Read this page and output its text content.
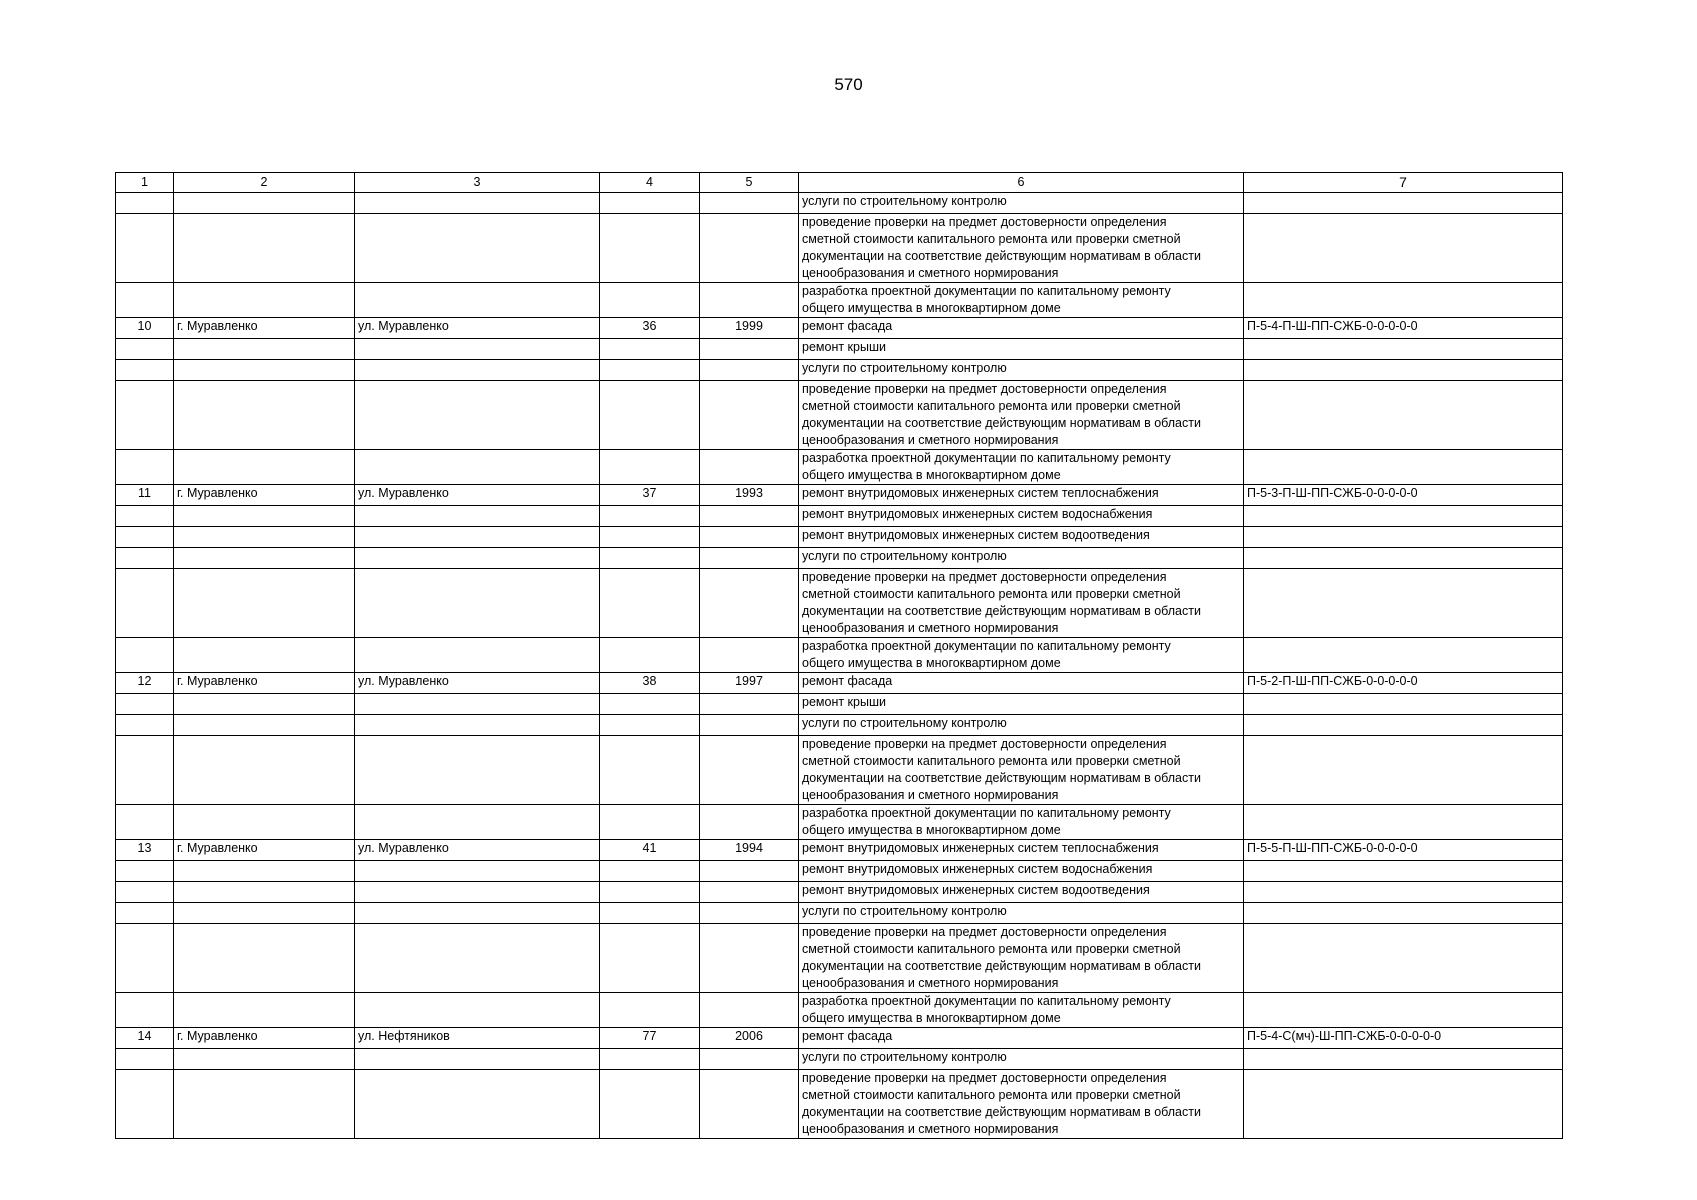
570
1	2	3	4	5	6	7

					услуги по строительному контролю	

					проведение проверки на предмет достоверности определения
сметной стоимости капитального ремонта или проверки сметной
документации на соответствие действующим нормативам в области
ценообразования и сметного нормирования	

					разработка проектной документации по капитальному ремонту
общего имущества в многоквартирном доме	

10	г. Муравленко	ул. Муравленко	36	1999	ремонт фасада	П-5-4-П-Ш-ПП-СЖБ-0-0-0-0-0

					ремонт крыши	

					услуги по строительному контролю	

					проведение проверки на предмет достоверности определения
сметной стоимости капитального ремонта или проверки сметной
документации на соответствие действующим нормативам в области
ценообразования и сметного нормирования	

					разработка проектной документации по капитальному ремонту
общего имущества в многоквартирном доме	

11	г. Муравленко	ул. Муравленко	37	1993	ремонт внутридомовых инженерных систем теплоснабжения	П-5-3-П-Ш-ПП-СЖБ-0-0-0-0-0

					ремонт внутридомовых инженерных систем водоснабжения	

					ремонт внутридомовых инженерных систем водоотведения	

					услуги по строительному контролю	

					проведение проверки на предмет достоверности определения
сметной стоимости капитального ремонта или проверки сметной
документации на соответствие действующим нормативам в области
ценообразования и сметного нормирования	

					разработка проектной документации по капитальному ремонту
общего имущества в многоквартирном доме	

12	г. Муравленко	ул. Муравленко	38	1997	ремонт фасада	П-5-2-П-Ш-ПП-СЖБ-0-0-0-0-0

					ремонт крыши	

					услуги по строительному контролю	

					проведение проверки на предмет достоверности определения
сметной стоимости капитального ремонта или проверки сметной
документации на соответствие действующим нормативам в области
ценообразования и сметного нормирования	

					разработка проектной документации по капитальному ремонту
общего имущества в многоквартирном доме	

13	г. Муравленко	ул. Муравленко	41	1994	ремонт внутридомовых инженерных систем теплоснабжения	П-5-5-П-Ш-ПП-СЖБ-0-0-0-0-0

					ремонт внутридомовых инженерных систем водоснабжения	

					ремонт внутридомовых инженерных систем водоотведения	

					услуги по строительному контролю	

					проведение проверки на предмет достоверности определения
сметной стоимости капитального ремонта или проверки сметной
документации на соответствие действующим нормативам в области
ценообразования и сметного нормирования	

					разработка проектной документации по капитальному ремонту
общего имущества в многоквартирном доме	

14	г. Муравленко	ул. Нефтяников	77	2006	ремонт фасада	П-5-4-С(мч)-Ш-ПП-СЖБ-0-0-0-0-0

					услуги по строительному контролю	

					проведение проверки на предмет достоверности определения
сметной стоимости капитального ремонта или проверки сметной
документации на соответствие действующим нормативам в области
ценообразования и сметного нормирования	
